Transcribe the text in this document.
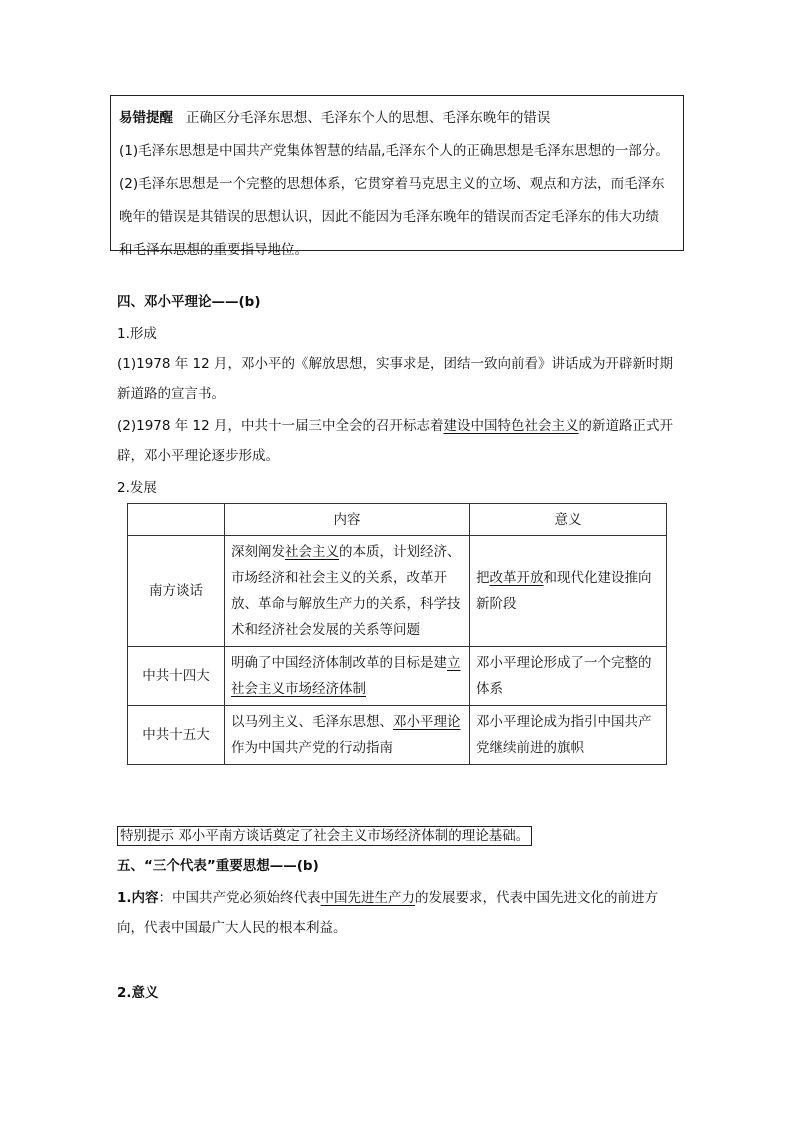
易错提醒 正确区分毛泽东思想、毛泽东个人的思想、毛泽东晚年的错误

(1)毛泽东思想是中国共产党集体智慧的结晶,毛泽东个人的正确思想是毛泽东思想的一部分。

(2)毛泽东思想是一个完整的思想体系，它贯穿着马克思主义的立场、观点和方法，而毛泽东

晚年的错误是其错误的思想认识，因此不能因为毛泽东晚年的错误而否定毛泽东的伟大功绩

和毛泽东思想的重要指导地位。

四、邓小平理论——(b)
1.形成
(1)1978 年 12 月，邓小平的《解放思想，实事求是，团结一致向前看》讲话成为开辟新时期
新道路的宣言书。
(2)1978 年 12 月，中共十一届三中全会的召开标志着建设中国特色社会主义的新道路正式开
辟，邓小平理论逐步形成。
2.发展
	内容	意义
南方谈话	深刻阐发社会主义的本质，计划经济、市场经济和社会主义的关系，改革开放、革命与解放生产力的关系，科学技术和经济社会发展的关系等问题	把改革开放和现代化建设推向新阶段
中共十四大	明确了中国经济体制改革的目标是建立社会主义市场经济体制	邓小平理论形成了一个完整的体系
中共十五大	以马列主义、毛泽东思想、邓小平理论作为中国共产党的行动指南	邓小平理论成为指引中国共产党继续前进的旗帜
特别提示 邓小平南方谈话奠定了社会主义市场经济体制的理论基础。
五、“三个代表”重要思想——(b)
1.内容：中国共产党必须始终代表中国先进生产力的发展要求，代表中国先进文化的前进方
向，代表中国最广大人民的根本利益。
2.意义
